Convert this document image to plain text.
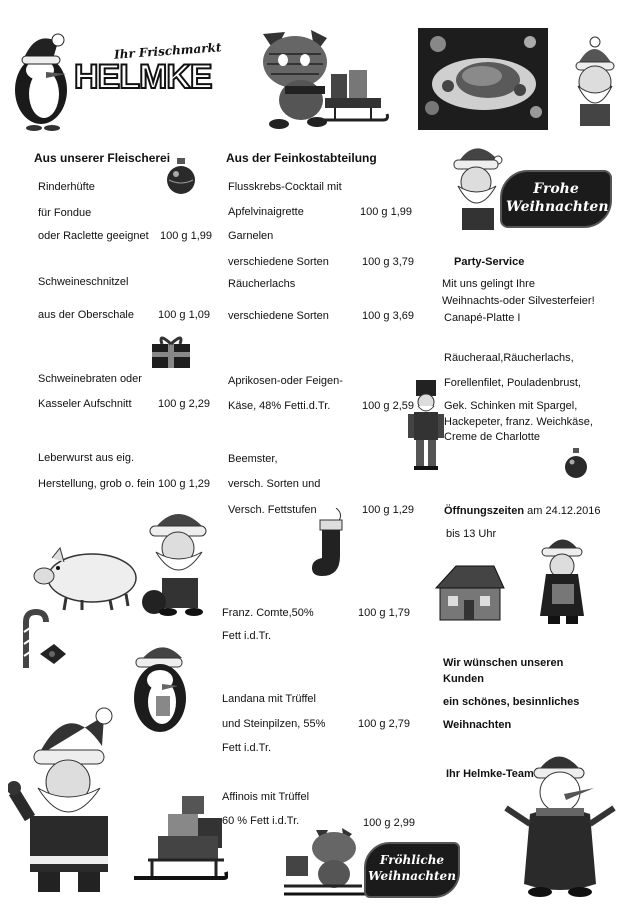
Ihr Frischmarkt
HELMKE
Aus unserer Fleischerei
Rinderhüfte
für Fondue
oder Raclette geeignet 100 g 1,99
Schweineschnitzel
aus der Oberschale 100 g 1,09
Schweinebraten oder
Kasseler Aufschnitt 100 g 2,29
Leberwurst aus eig.
Herstellung, grob o. fein 100 g 1,29
Aus der Feinkostabteilung
Flusskrebs-Cocktail mit
Apfelvinaigrette	100 g 1,99
Garnelen
verschiedene Sorten	100 g 3,79
Räucherlachs
verschiedene Sorten	100 g 3,69
Aprikosen-oder Feigen-
Käse, 48% Fetti.d.Tr.	100 g 2,59
Beemster,
versch. Sorten und
Versch. Fettstufen	100 g 1,29
Franz. Comte,50%	100 g 1,79
Fett i.d.Tr.
Landana mit Trüffel
und Steinpilzen, 55%	100 g 2,79
Fett i.d.Tr.
Affinois mit Trüffel
60 % Fett i.d.Tr.	100 g 2,99
Fröhliche Weihnachten
Frohe Weihnachten
Party-Service
Mit uns gelingt Ihre
Weihnachts-oder Silvesterfeier!
Canapé-Platte I
Räucheraal,Räucherlachs,
Forellenfilet, Pouladenbrust,
Gek. Schinken mit Spargel,
Hackepeter, franz. Weichkäse,
Creme de Charlotte
Öffnungszeiten am 24.12.2016
bis 13 Uhr
Wir wünschen unseren
Kunden
ein schönes, besinnliches
Weihnachten
Ihr Helmke-Team
